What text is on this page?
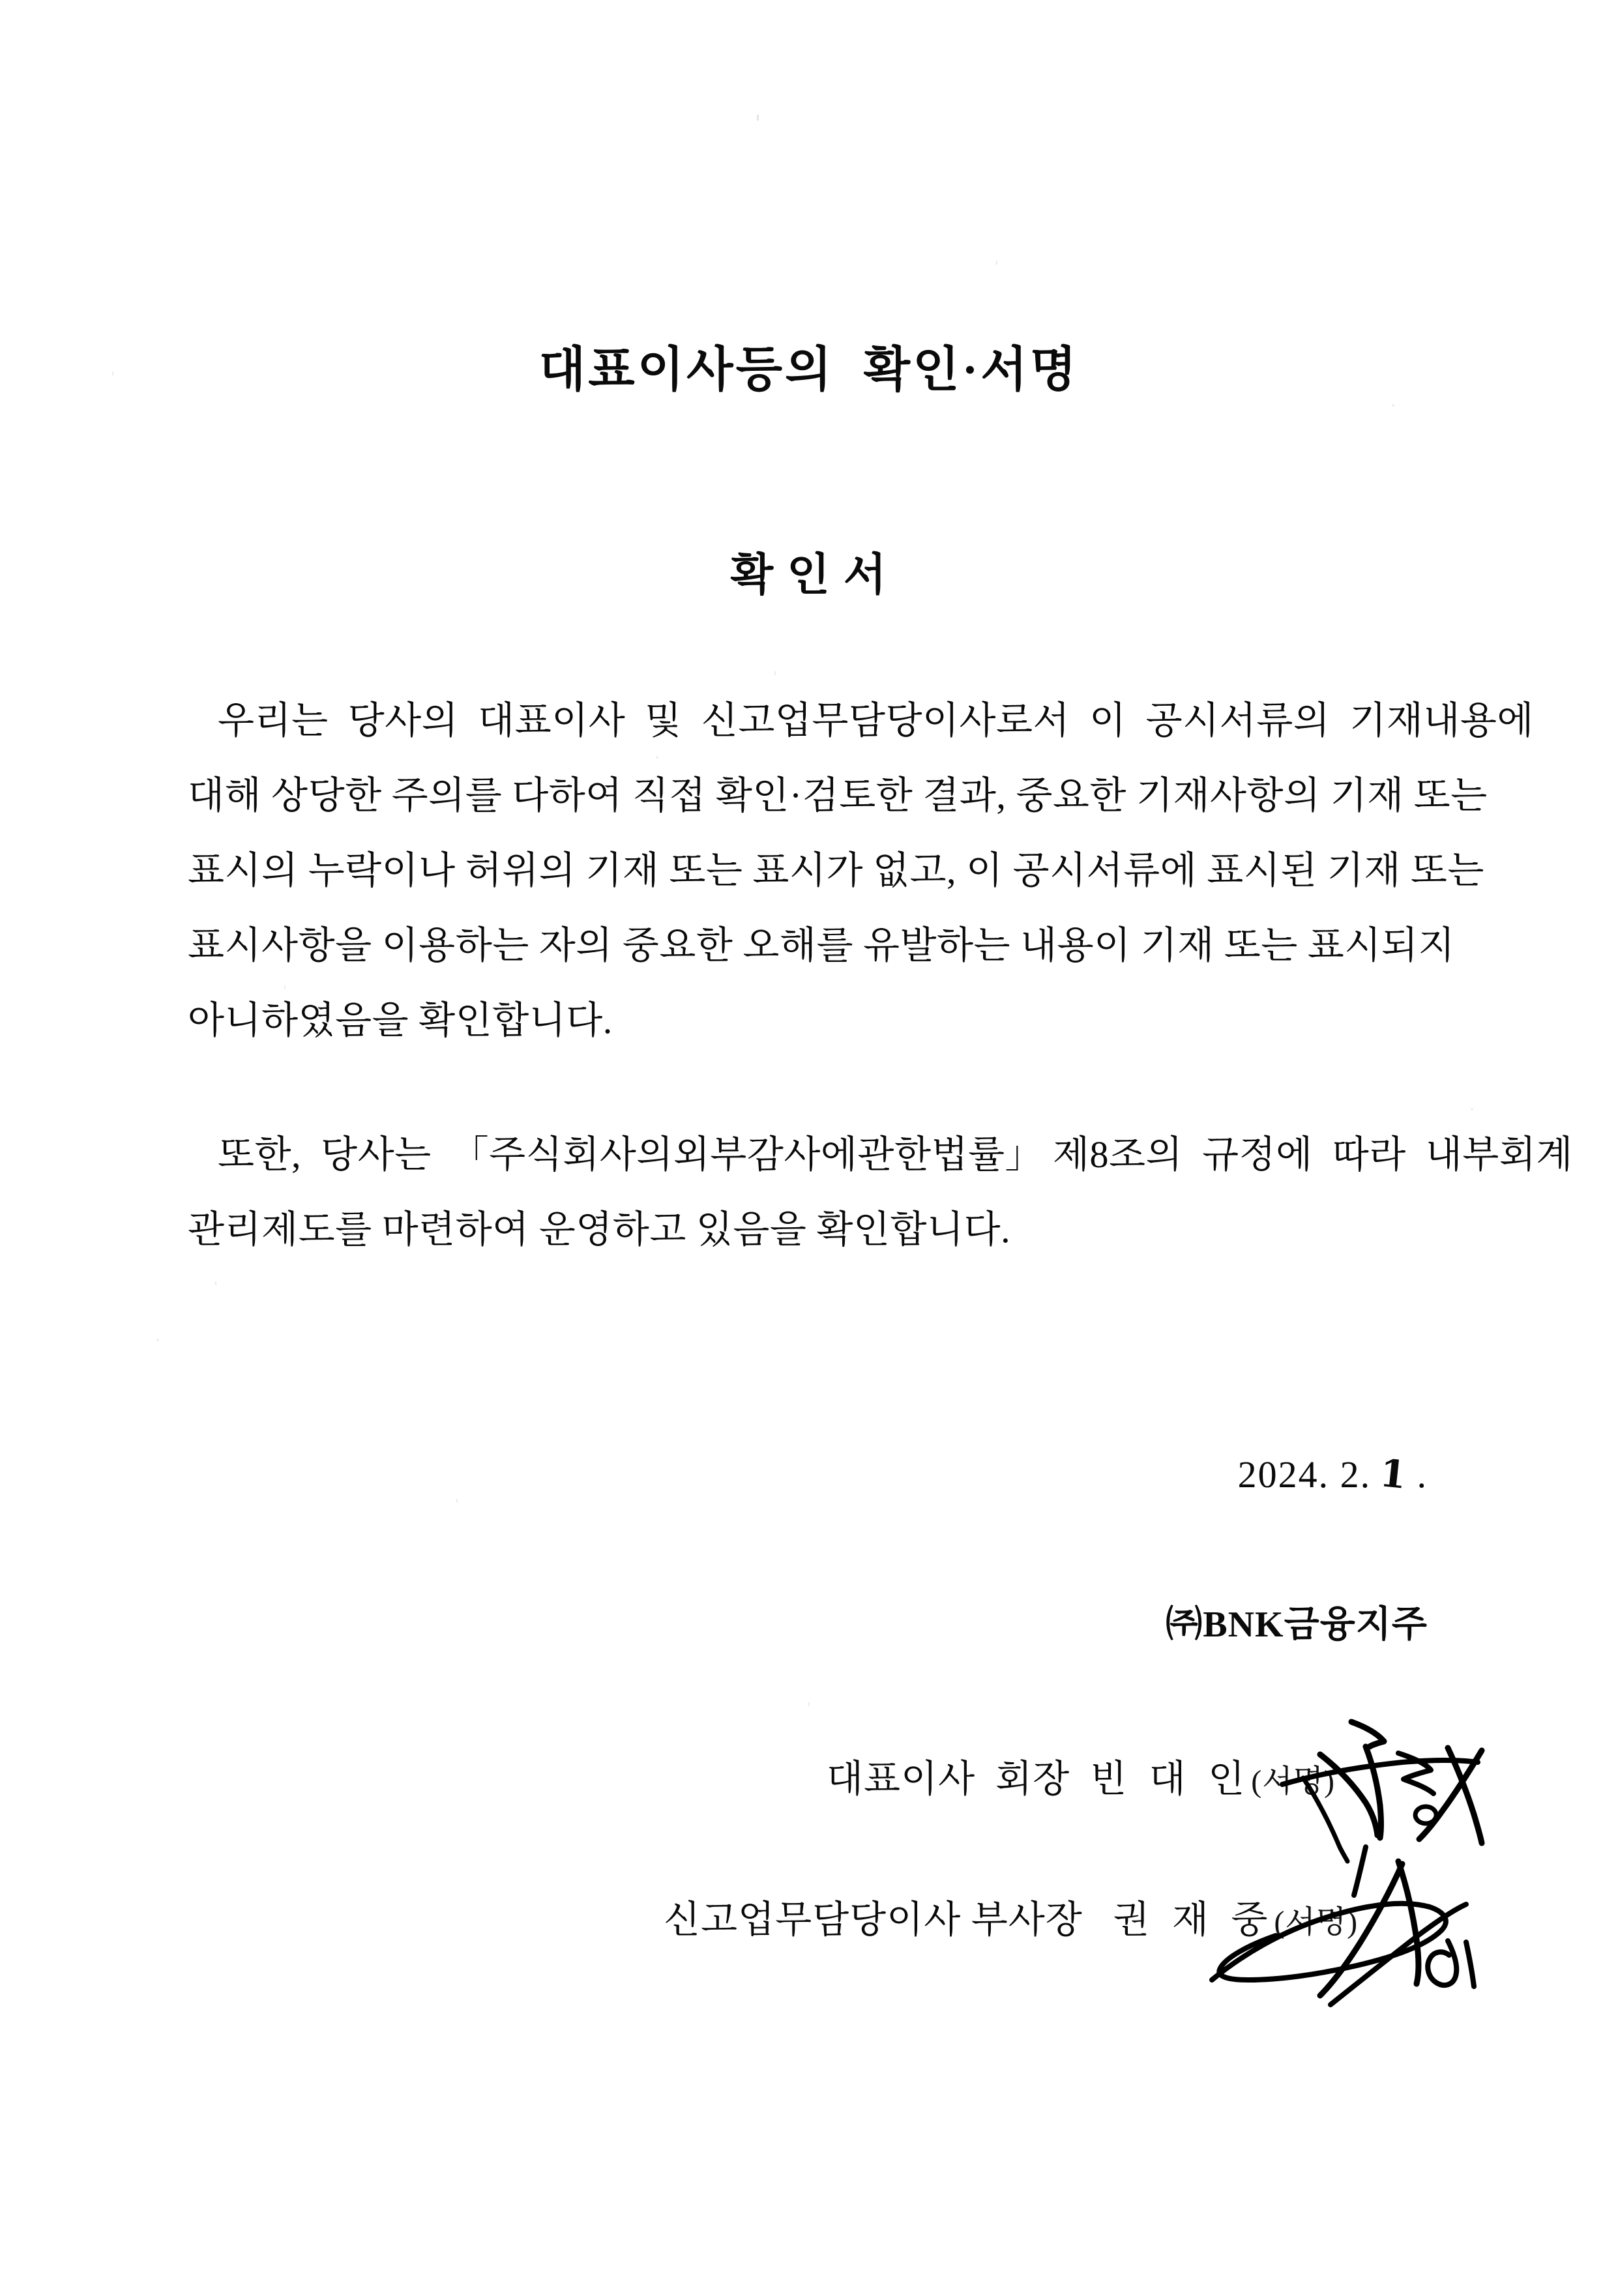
대표이사등의  확인·서명
확 인 서
우리는  당사의  대표이사  및  신고업무담당이사로서  이  공시서류의  기재내용에
대해 상당한 주의를 다하여 직접 확인·검토한 결과, 중요한 기재사항의 기재 또는
표시의 누락이나 허위의 기재 또는 표시가 없고, 이 공시서류에 표시된 기재 또는
표시사항을 이용하는 자의 중요한 오해를 유발하는 내용이 기재 또는 표시되지
아니하였음을 확인합니다.
또한,  당사는  「주식회사의외부감사에관한법률」 제8조의  규정에  따라  내부회계
관리제도를 마련하여 운영하고 있음을 확인합니다.
2024. 2. 1 .
㈜BNK금융지주
대표이사  회장 빈 대 인(서명)
신고업무담당이사 부사장 권 재 중(서명)
